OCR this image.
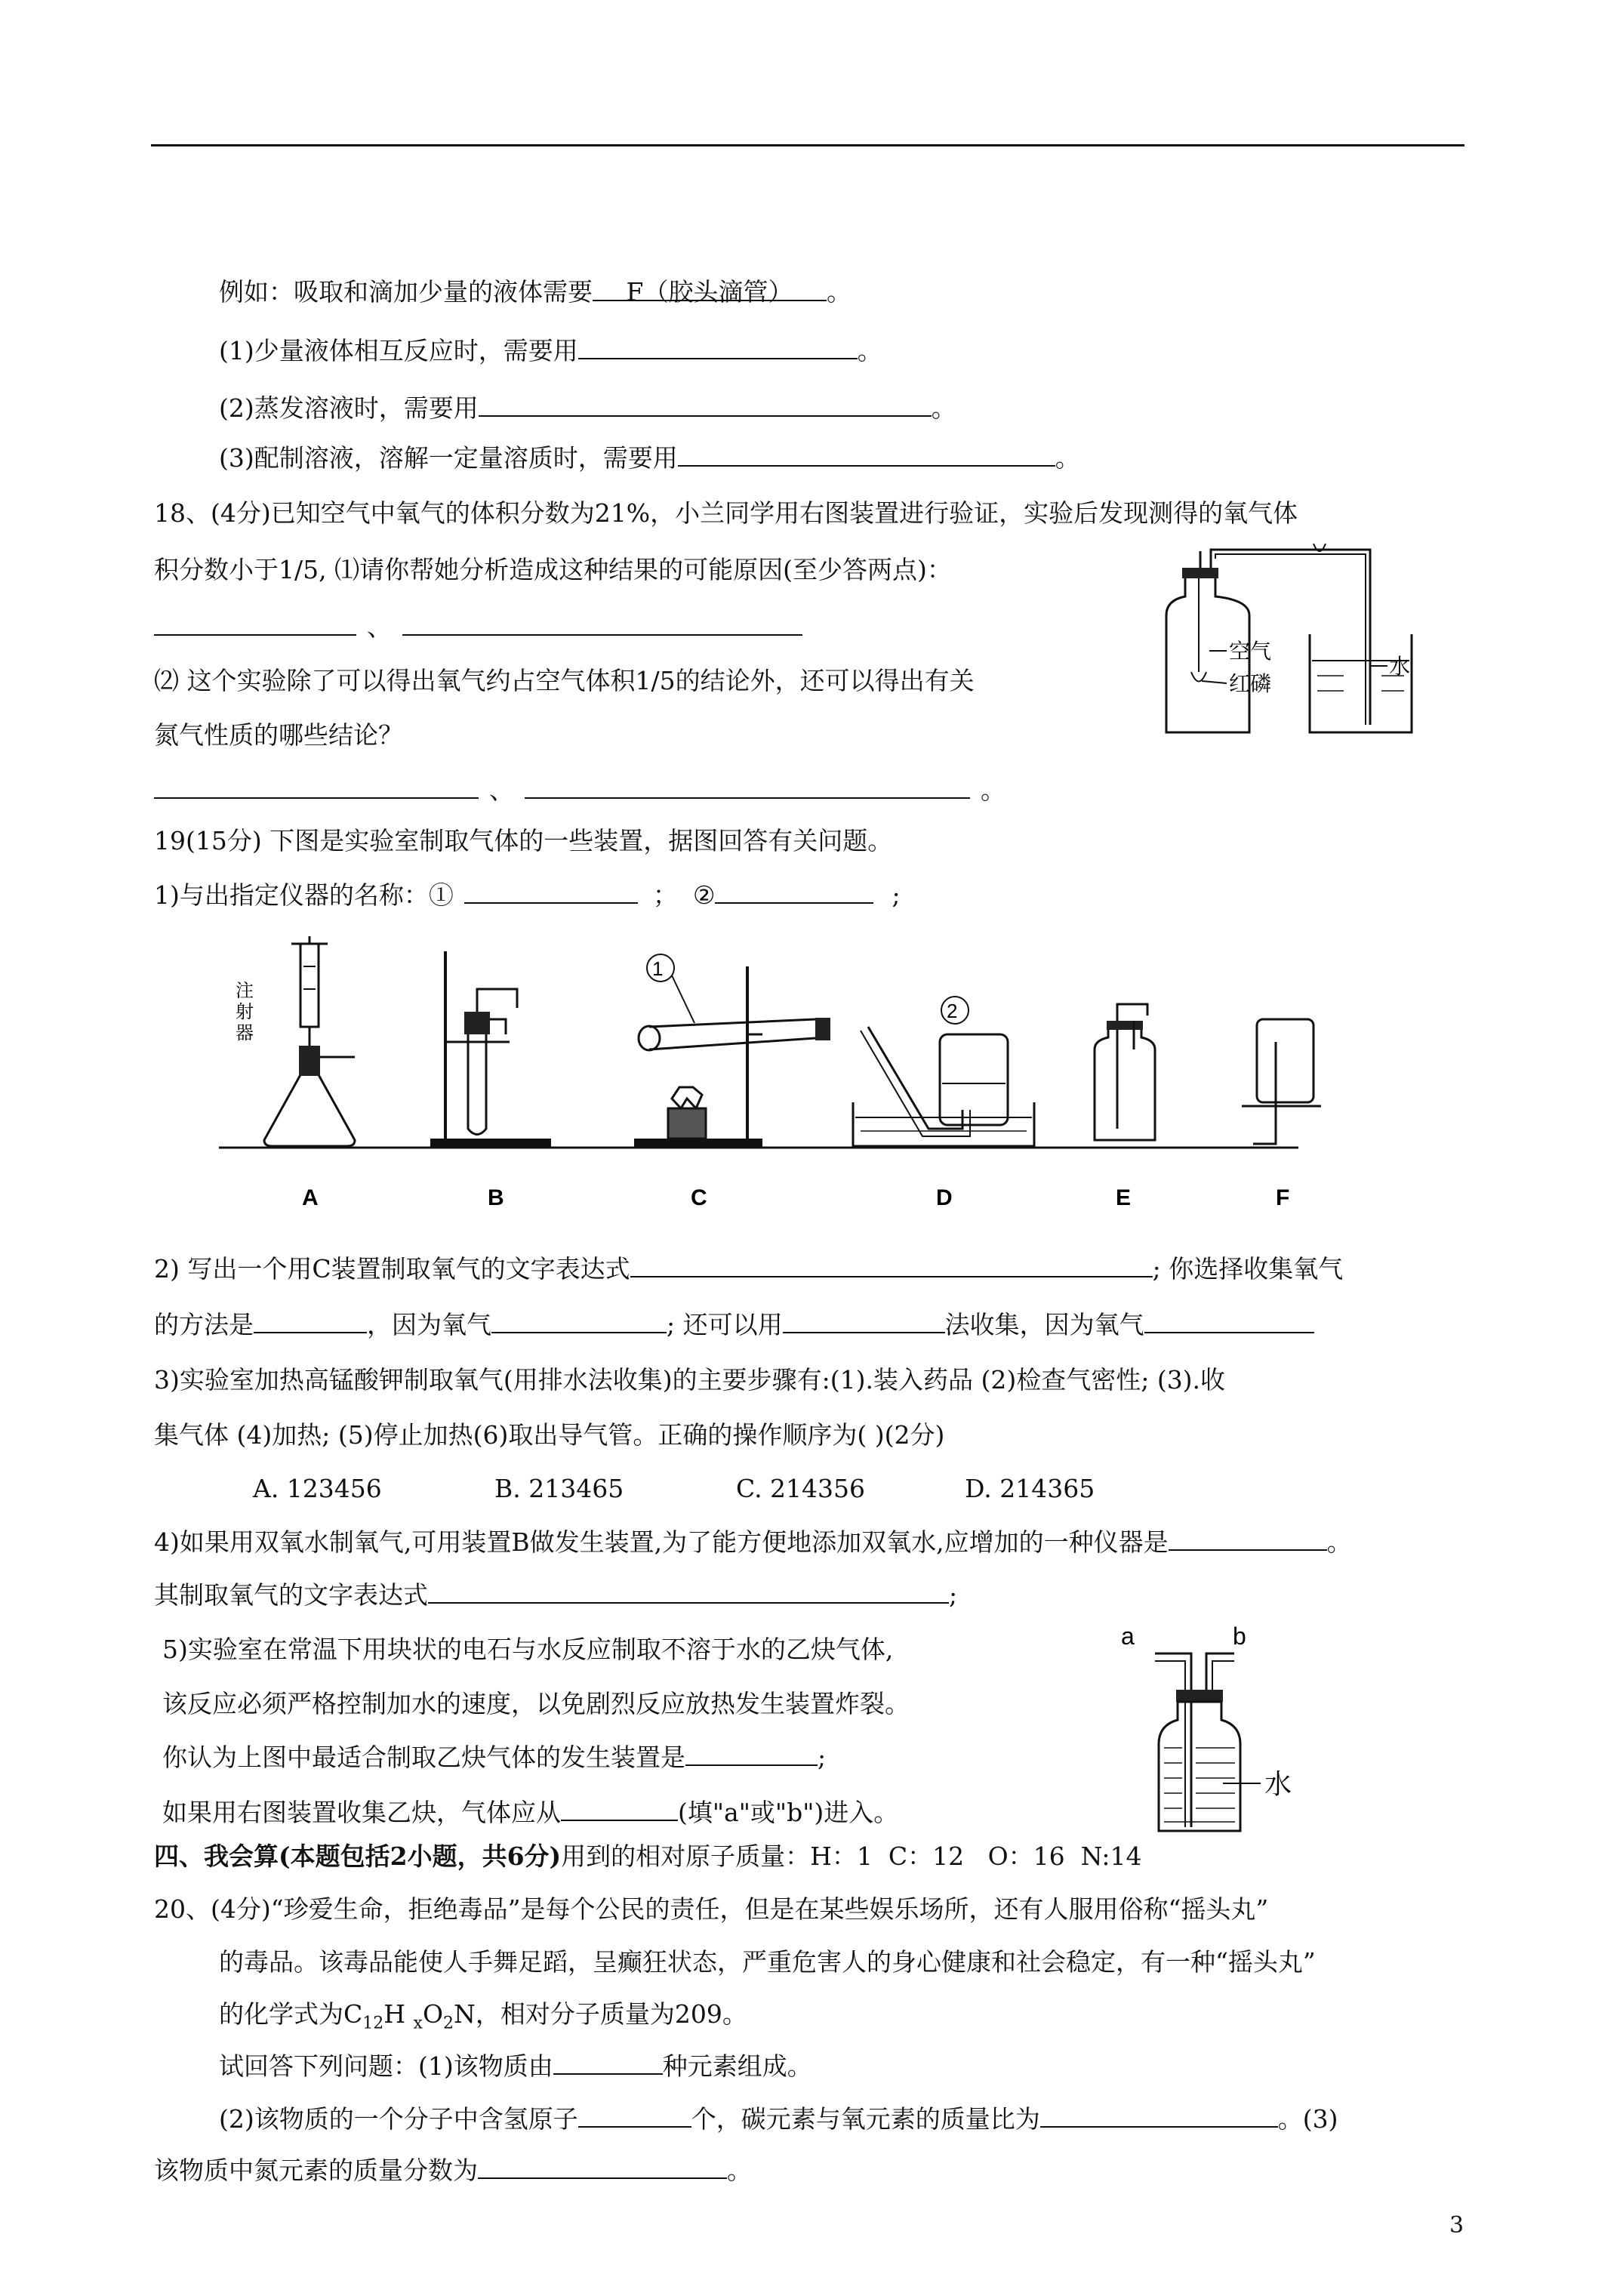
例如：吸取和滴加少量的液体需要 F（胶头滴管） 。
(1)少量液体相互反应时，需要用	。
(2)蒸发溶液时，需要用	。
(3)配制溶液，溶解一定量溶质时，需要用	。
18、(4分)已知空气中氧气的体积分数为21%，小兰同学用右图装置进行验证，实验后发现测得的氧气体
积分数小于1/5, ⑴请你帮她分析造成这种结果的可能原因(至少答两点)：
、
⑵ 这个实验除了可以得出氧气约占空气体积1/5的结论外，还可以得出有关
氮气性质的哪些结论？
、	。
空气
红磷
水
19(15分) 下图是实验室制取气体的一些装置，据图回答有关问题。
1)与出指定仪器的名称：①	； ②	;
注
射
器
A	B
1
C
2
D	E	F
2) 写出一个用C装置制取氧气的文字表达式	; 你选择收集氧气
的方法是	，因为氧气	; 还可以用	法收集，因为氧气
3)实验室加热高锰酸钾制取氧气(用排水法收集)的主要步骤有:(1).装入药品 (2)检查气密性; (3).收
集气体 (4)加热; (5)停止加热(6)取出导气管。正确的操作顺序为( )(2分)
A. 123456	B. 213465	C. 214356	D. 214365
4)如果用双氧水制氧气,可用装置B做发生装置,为了能方便地添加双氧水,应增加的一种仪器是	。
其制取氧气的文字表达式	;
5)实验室在常温下用块状的电石与水反应制取不溶于水的乙炔气体,
该反应必须严格控制加水的速度，以免剧烈反应放热发生装置炸裂。
你认为上图中最适合制取乙炔气体的发生装置是	;
如果用右图装置收集乙炔，气体应从	(填"a"或"b")进入。
a	b
水
四、我会算(本题包括2小题，共6分)用到的相对原子质量：H：1  C：12   O：16  N:14
20、(4分)“珍爱生命，拒绝毒品”是每个公民的责任，但是在某些娱乐场所，还有人服用俗称“摇头丸”
的毒品。该毒品能使人手舞足蹈，呈癫狂状态，严重危害人的身心健康和社会稳定，有一种“摇头丸”
的化学式为$C_{12}H$ $_xO_2N$，相对分子质量为209。
试回答下列问题：(1)该物质由	种元素组成。
(2)该物质的一个分子中含氢原子	个，碳元素与氧元素的质量比为	。(3)
该物质中氮元素的质量分数为	。
3
